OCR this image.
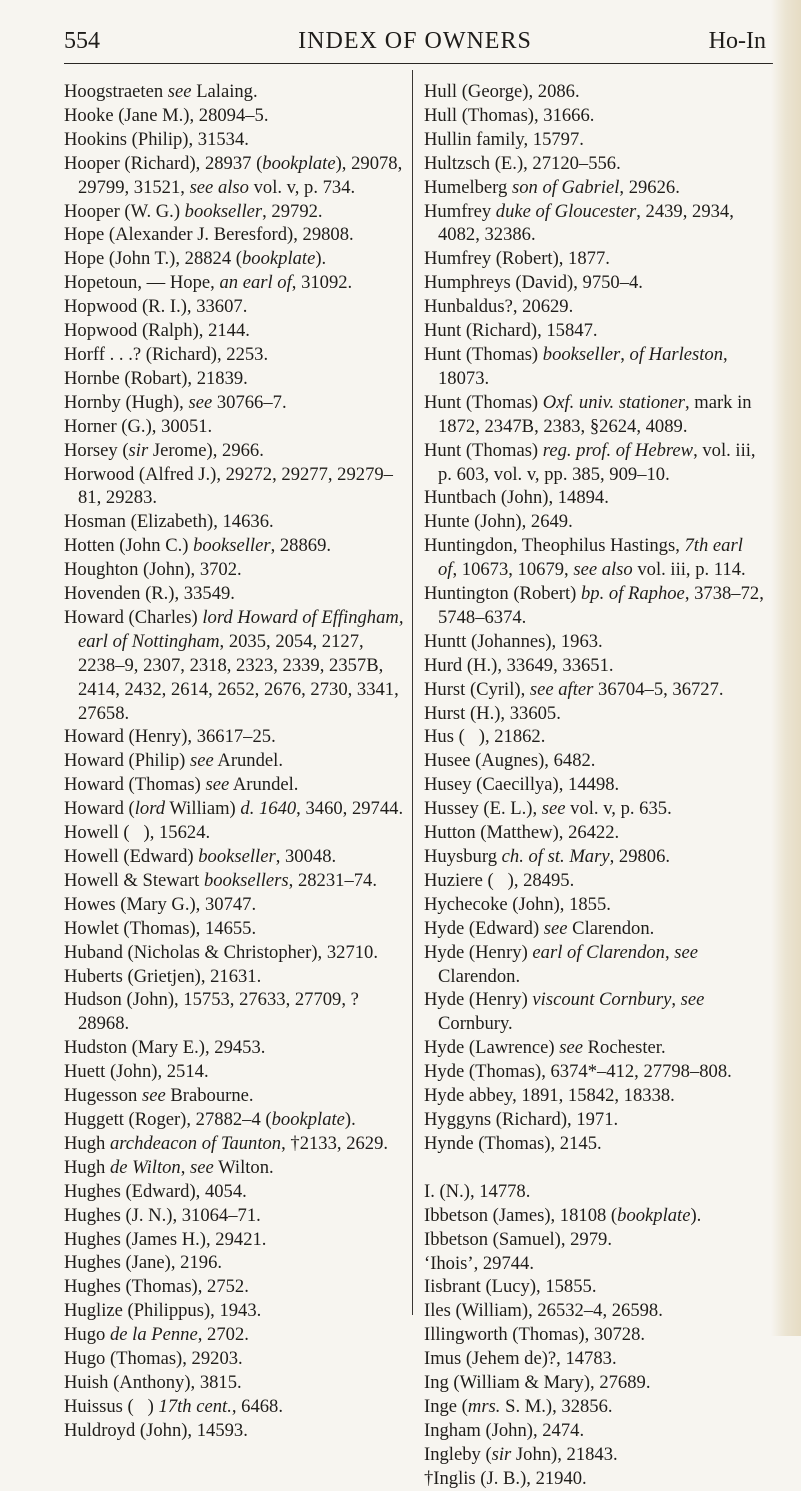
554	INDEX OF OWNERS	Ho-In
Hoogstraeten see Lalaing.
Hooke (Jane M.), 28094–5.
Hookins (Philip), 31534.
Hooper (Richard), 28937 (bookplate), 29078, 29799, 31521, see also vol. v, p. 734.
Hooper (W. G.) bookseller, 29792.
Hope (Alexander J. Beresford), 29808.
Hope (John T.), 28824 (bookplate).
Hopetoun, — Hope, an earl of, 31092.
Hopwood (R. I.), 33607.
Hopwood (Ralph), 2144.
Horff . . .? (Richard), 2253.
Hornbe (Robart), 21839.
Hornby (Hugh), see 30766–7.
Horner (G.), 30051.
Horsey (sir Jerome), 2966.
Horwood (Alfred J.), 29272, 29277, 29279–81, 29283.
Hosman (Elizabeth), 14636.
Hotten (John C.) bookseller, 28869.
Houghton (John), 3702.
Hovenden (R.), 33549.
Howard (Charles) lord Howard of Effingham, earl of Nottingham, 2035, 2054, 2127, 2238–9, 2307, 2318, 2323, 2339, 2357B, 2414, 2432, 2614, 2652, 2676, 2730, 3341, 27658.
Howard (Henry), 36617–25.
Howard (Philip) see Arundel.
Howard (Thomas) see Arundel.
Howard (lord William) d. 1640, 3460, 29744.
Howell (   ), 15624.
Howell (Edward) bookseller, 30048.
Howell & Stewart booksellers, 28231–74.
Howes (Mary G.), 30747.
Howlet (Thomas), 14655.
Huband (Nicholas & Christopher), 32710.
Huberts (Grietjen), 21631.
Hudson (John), 15753, 27633, 27709, ? 28968.
Hudston (Mary E.), 29453.
Huett (John), 2514.
Hugesson see Brabourne.
Huggett (Roger), 27882–4 (bookplate).
Hugh archdeacon of Taunton, †2133, 2629.
Hugh de Wilton, see Wilton.
Hughes (Edward), 4054.
Hughes (J. N.), 31064–71.
Hughes (James H.), 29421.
Hughes (Jane), 2196.
Hughes (Thomas), 2752.
Huglize (Philippus), 1943.
Hugo de la Penne, 2702.
Hugo (Thomas), 29203.
Huish (Anthony), 3815.
Huissus (   ) 17th cent., 6468.
Huldroyd (John), 14593.
Hull (George), 2086.
Hull (Thomas), 31666.
Hullin family, 15797.
Hultzsch (E.), 27120–556.
Humelberg son of Gabriel, 29626.
Humfrey duke of Gloucester, 2439, 2934, 4082, 32386.
Humfrey (Robert), 1877.
Humphreys (David), 9750–4.
Hunbaldus?, 20629.
Hunt (Richard), 15847.
Hunt (Thomas) bookseller, of Harleston, 18073.
Hunt (Thomas) Oxf. univ. stationer, mark in 1872, 2347B, 2383, §2624, 4089.
Hunt (Thomas) reg. prof. of Hebrew, vol. iii, p. 603, vol. v, pp. 385, 909–10.
Huntbach (John), 14894.
Hunte (John), 2649.
Huntingdon, Theophilus Hastings, 7th earl of, 10673, 10679, see also vol. iii, p. 114.
Huntington (Robert) bp. of Raphoe, 3738–72, 5748–6374.
Huntt (Johannes), 1963.
Hurd (H.), 33649, 33651.
Hurst (Cyril), see after 36704–5, 36727.
Hurst (H.), 33605.
Hus (   ), 21862.
Husee (Augnes), 6482.
Husey (Caecillya), 14498.
Hussey (E. L.), see vol. v, p. 635.
Hutton (Matthew), 26422.
Huysburg ch. of st. Mary, 29806.
Huziere (   ), 28495.
Hychecoke (John), 1855.
Hyde (Edward) see Clarendon.
Hyde (Henry) earl of Clarendon, see Clarendon.
Hyde (Henry) viscount Cornbury, see Cornbury.
Hyde (Lawrence) see Rochester.
Hyde (Thomas), 6374*–412, 27798–808.
Hyde abbey, 1891, 15842, 18338.
Hyggyns (Richard), 1971.
Hynde (Thomas), 2145.
I. (N.), 14778.
Ibbetson (James), 18108 (bookplate).
Ibbetson (Samuel), 2979.
‘Ihois’, 29744.
Iisbrant (Lucy), 15855.
Iles (William), 26532–4, 26598.
Illingworth (Thomas), 30728.
Imus (Jehem de)?, 14783.
Ing (William & Mary), 27689.
Inge (mrs. S. M.), 32856.
Ingham (John), 2474.
Ingleby (sir John), 21843.
†Inglis (J. B.), 21940.
